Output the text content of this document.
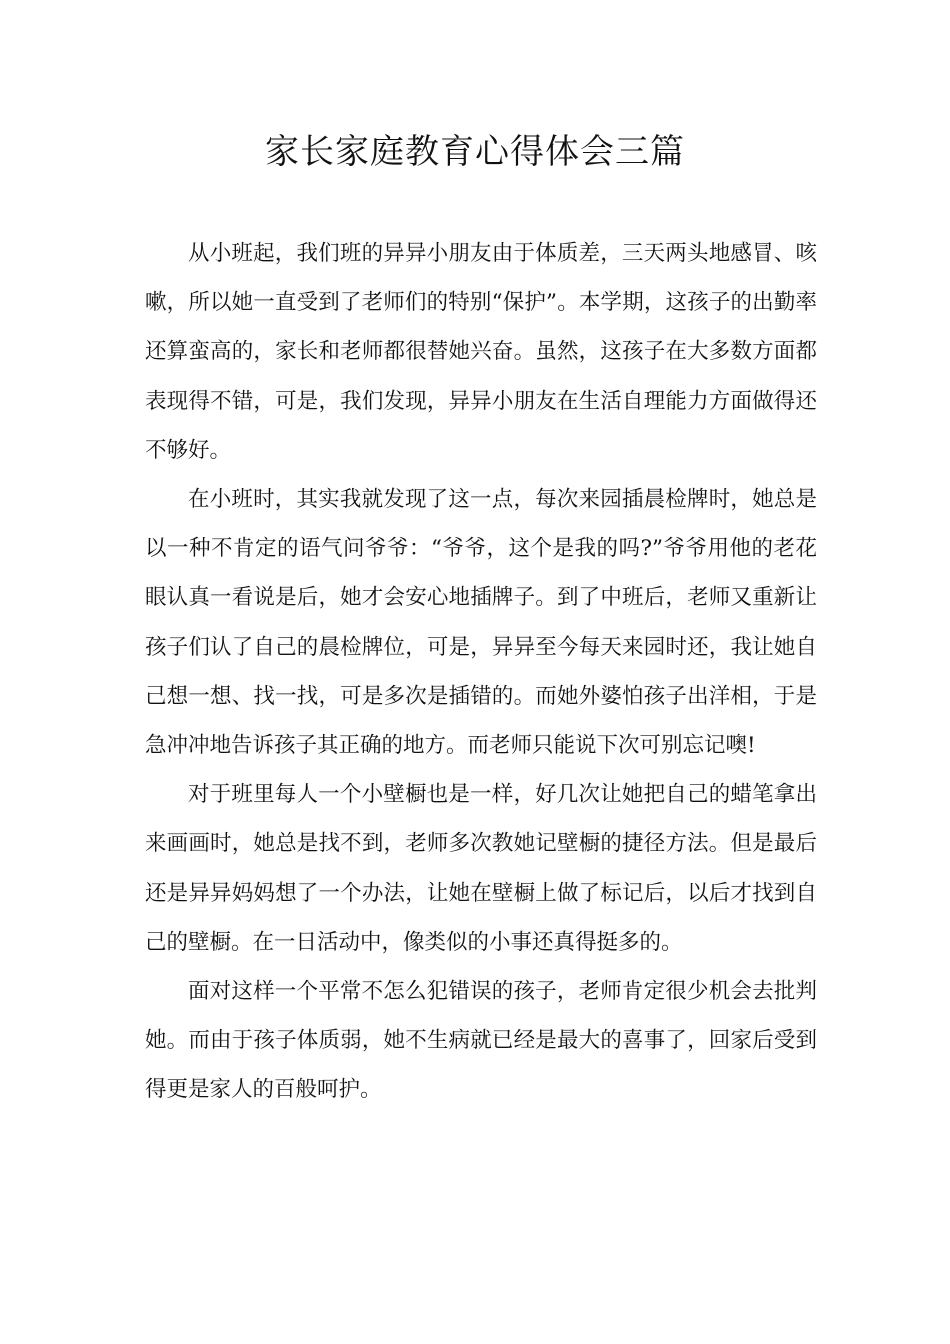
家长家庭教育心得体会三篇

从小班起，我们班的异异小朋友由于体质差，三天两头地感冒、咳嗽，所以她一直受到了老师们的特别“保护”。本学期，这孩子的出勤率还算蛮高的，家长和老师都很替她兴奋。虽然，这孩子在大多数方面都表现得不错，可是，我们发现，异异小朋友在生活自理能力方面做得还不够好。

在小班时，其实我就发现了这一点，每次来园插晨检牌时，她总是以一种不肯定的语气问爷爷：“爷爷，这个是我的吗?”爷爷用他的老花眼认真一看说是后，她才会安心地插牌子。到了中班后，老师又重新让孩子们认了自己的晨检牌位，可是，异异至今每天来园时还，我让她自己想一想、找一找，可是多次是插错的。而她外婆怕孩子出洋相，于是急冲冲地告诉孩子其正确的地方。而老师只能说下次可别忘记噢!

对于班里每人一个小壁橱也是一样，好几次让她把自己的蜡笔拿出来画画时，她总是找不到，老师多次教她记壁橱的捷径方法。但是最后还是异异妈妈想了一个办法，让她在壁橱上做了标记后，以后才找到自己的壁橱。在一日活动中，像类似的小事还真得挺多的。

面对这样一个平常不怎么犯错误的孩子，老师肯定很少机会去批判她。而由于孩子体质弱，她不生病就已经是最大的喜事了，回家后受到得更是家人的百般呵护。
